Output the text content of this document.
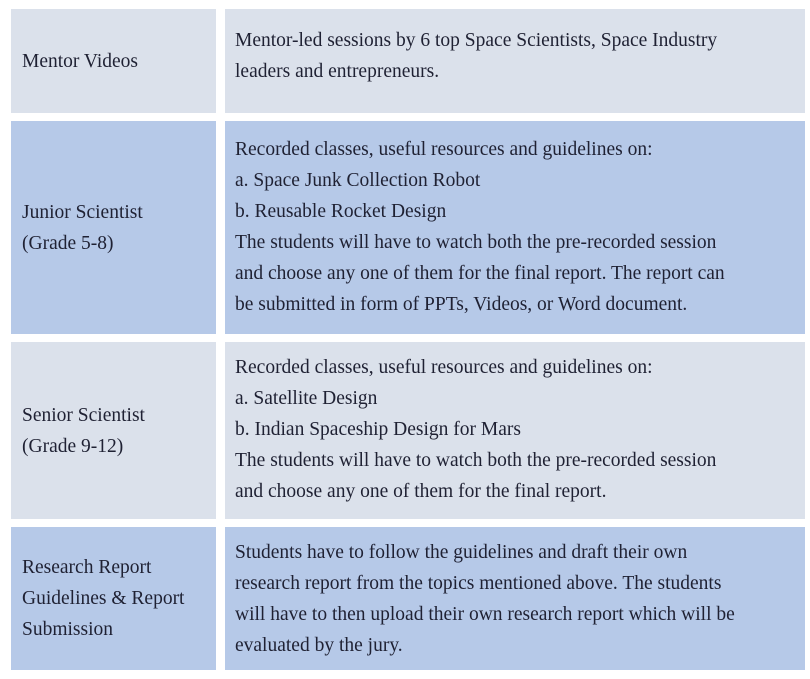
Mentor Videos
Mentor-led sessions by 6 top Space Scientists, Space Industry
leaders and entrepreneurs.
Junior Scientist
(Grade 5-8)
Recorded classes, useful resources and guidelines on:
a. Space Junk Collection Robot
b. Reusable Rocket Design
The students will have to watch both the pre-recorded session
and choose any one of them for the final report. The report can
be submitted in form of PPTs, Videos, or Word document.
Senior Scientist
(Grade 9-12)
Recorded classes, useful resources and guidelines on:
a. Satellite Design
b. Indian Spaceship Design for Mars
The students will have to watch both the pre-recorded session
and choose any one of them for the final report.
Research Report
Guidelines & Report
Submission
Students have to follow the guidelines and draft their own
research report from the topics mentioned above. The students
will have to then upload their own research report which will be
evaluated by the jury.
